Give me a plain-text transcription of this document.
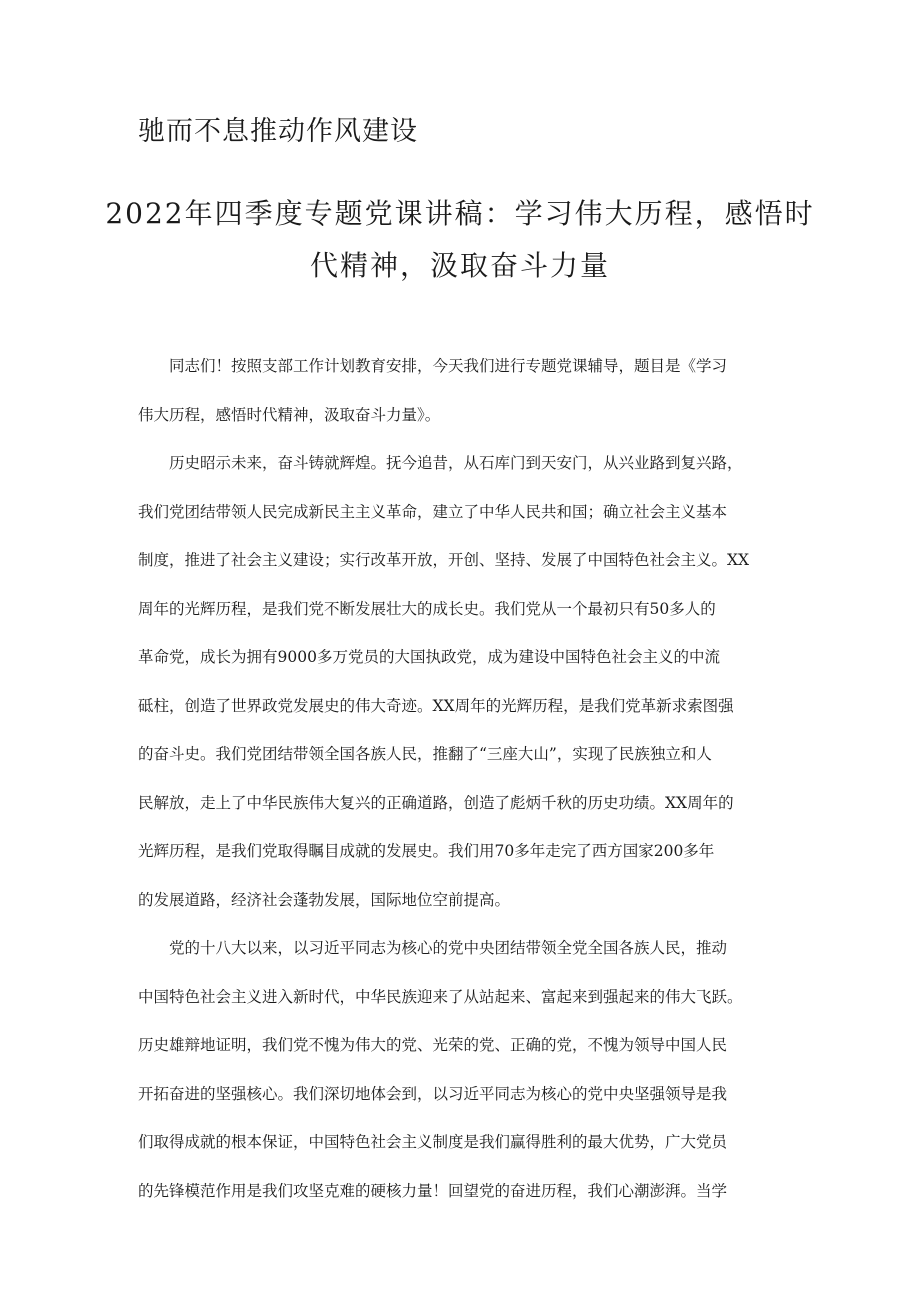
驰而不息推动作风建设
2022年四季度专题党课讲稿：学习伟大历程，感悟时
代精神，汲取奋斗力量
同志们！按照支部工作计划教育安排，今天我们进行专题党课辅导，题目是《学习
伟大历程，感悟时代精神，汲取奋斗力量》。
历史昭示未来，奋斗铸就辉煌。抚今追昔，从石库门到天安门，从兴业路到复兴路，
我们党团结带领人民完成新民主主义革命，建立了中华人民共和国；确立社会主义基本
制度，推进了社会主义建设；实行改革开放，开创、坚持、发展了中国特色社会主义。XX
周年的光辉历程，是我们党不断发展壮大的成长史。我们党从一个最初只有50多人的
革命党，成长为拥有9000多万党员的大国执政党，成为建设中国特色社会主义的中流
砥柱，创造了世界政党发展史的伟大奇迹。XX周年的光辉历程，是我们党革新求索图强
的奋斗史。我们党团结带领全国各族人民，推翻了“三座大山”，实现了民族独立和人
民解放，走上了中华民族伟大复兴的正确道路，创造了彪炳千秋的历史功绩。XX周年的
光辉历程，是我们党取得瞩目成就的发展史。我们用70多年走完了西方国家200多年
的发展道路，经济社会蓬勃发展，国际地位空前提高。
党的十八大以来，以习近平同志为核心的党中央团结带领全党全国各族人民，推动
中国特色社会主义进入新时代，中华民族迎来了从站起来、富起来到强起来的伟大飞跃。
历史雄辩地证明，我们党不愧为伟大的党、光荣的党、正确的党，不愧为领导中国人民
开拓奋进的坚强核心。我们深切地体会到，以习近平同志为核心的党中央坚强领导是我
们取得成就的根本保证，中国特色社会主义制度是我们赢得胜利的最大优势，广大党员
的先锋模范作用是我们攻坚克难的硬核力量！回望党的奋进历程，我们心潮澎湃。当学
